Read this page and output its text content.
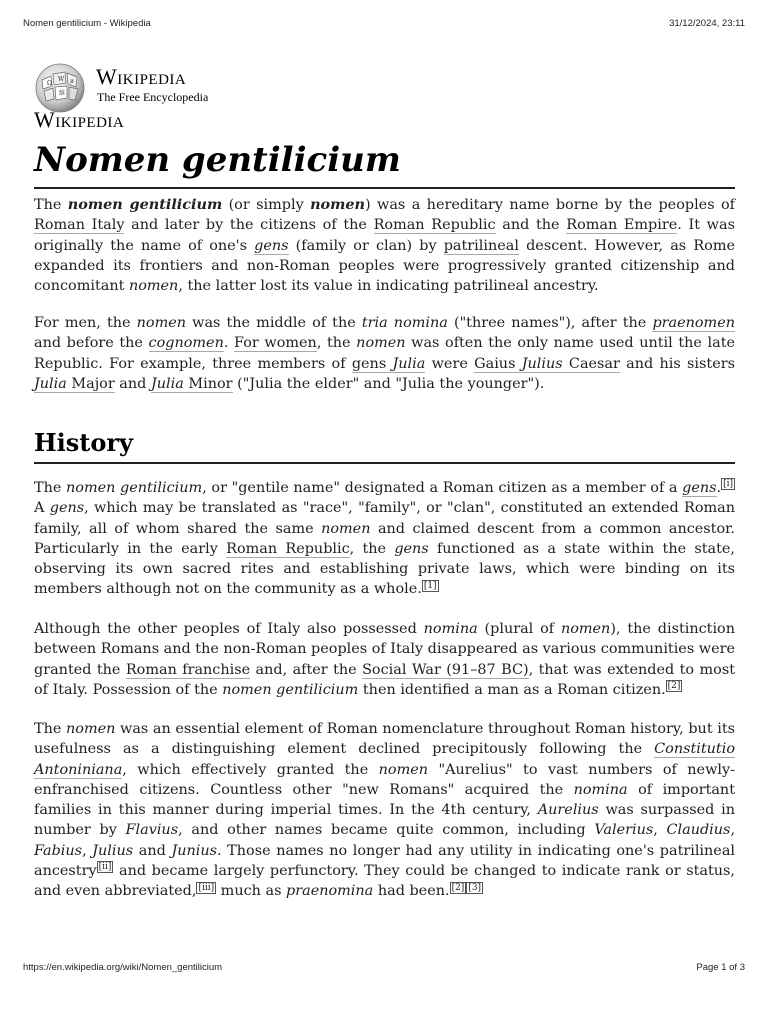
Nomen gentilicium - Wikipedia	31/12/2024, 23:11
Ω
W и
維
Wikipedia
The Free Encyclopedia
Wikipedia
Nomen gentilicium

The nomen gentilicium (or simply nomen) was a hereditary name borne by the peoples of Roman Italy and later by the citizens of the Roman Republic and the Roman Empire. It was originally the name of one's gens (family or clan) by patrilineal descent. However, as Rome expanded its frontiers and non-Roman peoples were progressively granted citizenship and concomitant nomen, the latter lost its value in indicating patrilineal ancestry.

For men, the nomen was the middle of the tria nomina ("three names"), after the praenomen and before the cognomen. For women, the nomen was often the only name used until the late Republic. For example, three members of gens Julia were Gaius Julius Caesar and his sisters Julia Major and Julia Minor ("Julia the elder" and "Julia the younger").

History

The nomen gentilicium, or "gentile name" designated a Roman citizen as a member of a gens. [i] A gens, which may be translated as "race", "family", or "clan", constituted an extended Roman family, all of whom shared the same nomen and claimed descent from a common ancestor. Particularly in the early Roman Republic, the gens functioned as a state within the state, observing its own sacred rites and establishing private laws, which were binding on its members although not on the community as a whole. [1]

Although the other peoples of Italy also possessed nomina (plural of nomen), the distinction between Romans and the non-Roman peoples of Italy disappeared as various communities were granted the Roman franchise and, after the Social War (91–87 BC), that was extended to most of Italy. Possession of the nomen gentilicium then identified a man as a Roman citizen. [2]

The nomen was an essential element of Roman nomenclature throughout Roman history, but its usefulness as a distinguishing element declined precipitously following the Constitutio Antoniniana, which effectively granted the nomen "Aurelius" to vast numbers of newly-enfranchised citizens. Countless other "new Romans" acquired the nomina of important families in this manner during imperial times. In the 4th century, Aurelius was surpassed in number by Flavius, and other names became quite common, including Valerius, Claudius, Fabius, Julius and Junius. Those names no longer had any utility in indicating one's patrilineal ancestry [ii] and became largely perfunctory. They could be changed to indicate rank or status, and even abbreviated, [iii] much as praenomina had been. [2] [3]

https://en.wikipedia.org/wiki/Nomen_gentilicium	Page 1 of 3
